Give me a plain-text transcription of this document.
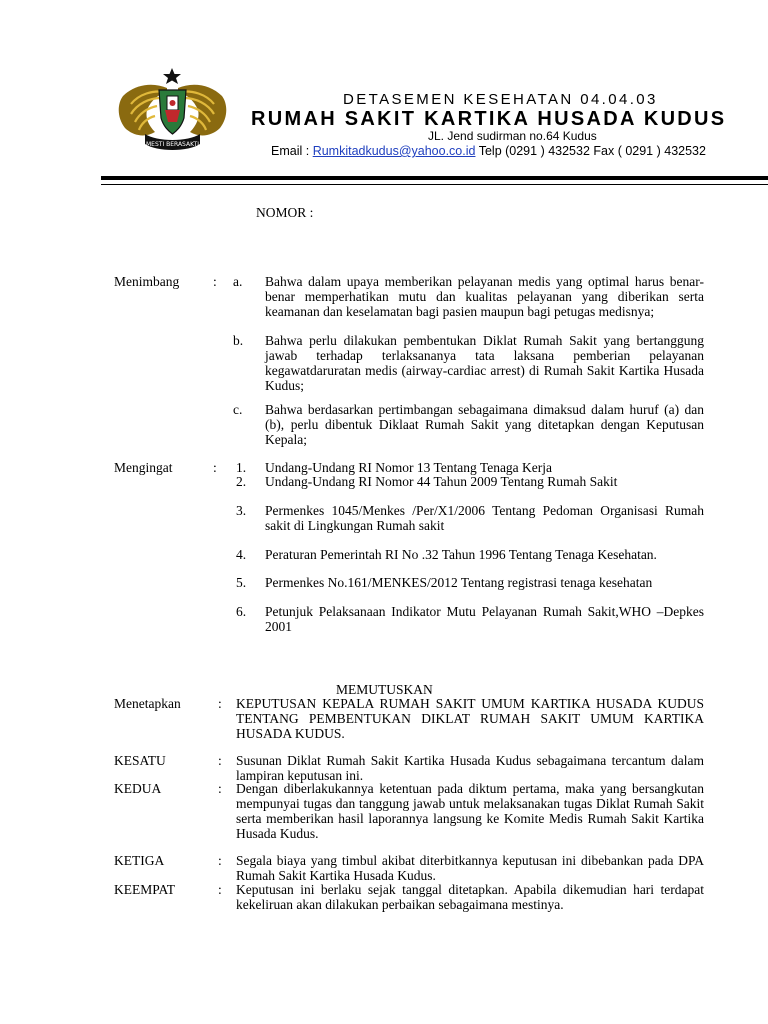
MESTI BERASAKTI
DETASEMEN KESEHATAN 04.04.03
RUMAH SAKIT KARTIKA HUSADA KUDUS
JL. Jend sudirman no.64 Kudus
Email : Rumkitadkudus@yahoo.co.id Telp (0291 ) 432532 Fax ( 0291 ) 432532
NOMOR :
Menimbang	: a. Bahwa dalam upaya memberikan pelayanan medis yang optimal harus benar-benar memperhatikan mutu dan kualitas pelayanan yang diberikan serta keamanan dan keselamatan bagi pasien maupun bagi petugas medisnya;
b. Bahwa perlu dilakukan pembentukan Diklat Rumah Sakit yang bertanggung jawab terhadap terlaksananya tata laksana pemberian pelayanan kegawatdaruratan medis (airway-cardiac arrest) di Rumah Sakit Kartika Husada Kudus;
c. Bahwa berdasarkan pertimbangan sebagaimana dimaksud dalam huruf (a) dan (b), perlu dibentuk Diklaat Rumah Sakit yang ditetapkan dengan Keputusan Kepala;
Mengingat	: 1. Undang-Undang RI Nomor 13 Tentang Tenaga Kerja
2. Undang-Undang RI Nomor 44 Tahun 2009 Tentang Rumah Sakit
3. Permenkes 1045/Menkes /Per/X1/2006 Tentang Pedoman Organisasi Rumah sakit di Lingkungan Rumah sakit
4. Peraturan Pemerintah RI No .32 Tahun 1996 Tentang Tenaga Kesehatan.
5. Permenkes No.161/MENKES/2012 Tentang registrasi tenaga kesehatan
6. Petunjuk Pelaksanaan Indikator Mutu Pelayanan Rumah Sakit,WHO –Depkes 2001
MEMUTUSKAN
Menetapkan	: KEPUTUSAN KEPALA RUMAH SAKIT UMUM KARTIKA HUSADA KUDUS TENTANG PEMBENTUKAN DIKLAT RUMAH SAKIT UMUM KARTIKA HUSADA KUDUS.
KESATU	: Susunan Diklat Rumah Sakit Kartika Husada Kudus sebagaimana tercantum dalam lampiran keputusan ini.
KEDUA	: Dengan diberlakukannya ketentuan pada diktum pertama, maka yang bersangkutan mempunyai tugas dan tanggung jawab untuk melaksanakan tugas Diklat Rumah Sakit serta memberikan hasil laporannya langsung ke Komite Medis Rumah Sakit Kartika Husada Kudus.
KETIGA	: Segala biaya yang timbul akibat diterbitkannya keputusan ini dibebankan pada DPA Rumah Sakit Kartika Husada Kudus.
KEEMPAT	: Keputusan ini berlaku sejak tanggal ditetapkan. Apabila dikemudian hari terdapat kekeliruan akan dilakukan perbaikan sebagaimana mestinya.
